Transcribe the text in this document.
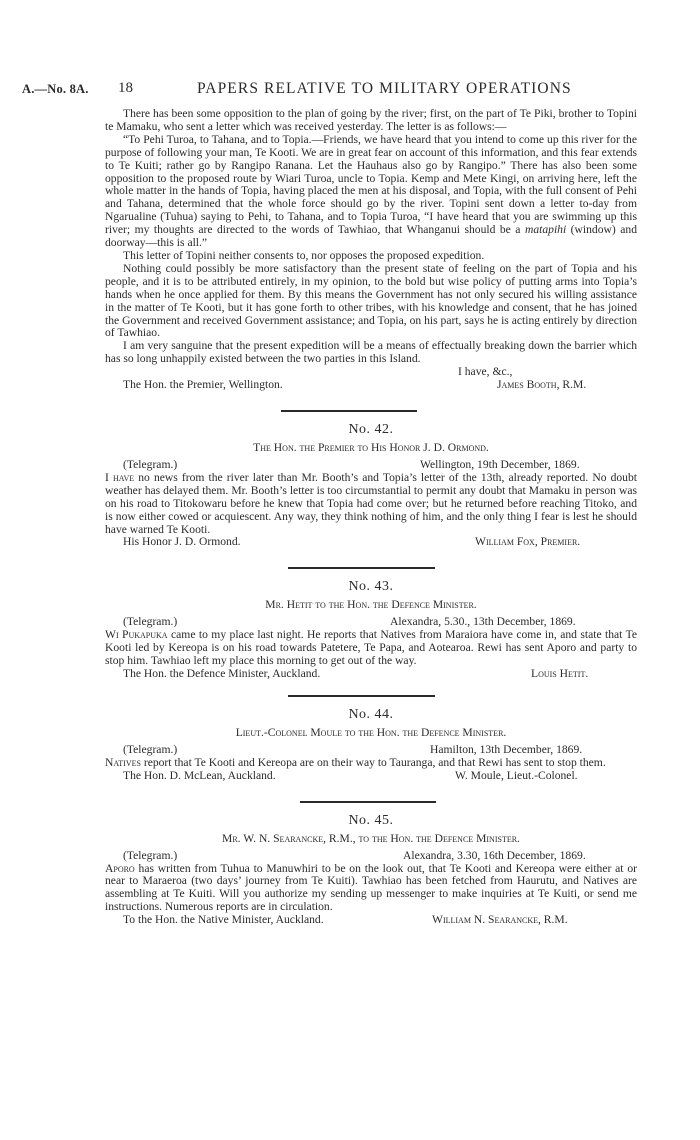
A.—No. 8A. 18	PAPERS RELATIVE TO MILITARY OPERATIONS

There has been some opposition to the plan of going by the river; first, on the part of Te Piki, brother to Topini te Mamaku, who sent a letter which was received yesterday. The letter is as follows:—

“To Pehi Turoa, to Tahana, and to Topia.—Friends, we have heard that you intend to come up this river for the purpose of following your man, Te Kooti. We are in great fear on account of this information, and this fear extends to Te Kuiti; rather go by Rangipo Ranana. Let the Hauhaus also go by Rangipo.” There has also been some opposition to the proposed route by Wiari Turoa, uncle to Topia. Kemp and Mete Kingi, on arriving here, left the whole matter in the hands of Topia, having placed the men at his disposal, and Topia, with the full consent of Pehi and Tahana, determined that the whole force should go by the river. Topini sent down a letter to-day from Ngarualine (Tuhua) saying to Pehi, to Tahana, and to Topia Turoa, “I have heard that you are swimming up this river; my thoughts are directed to the words of Tawhiao, that Whanganui should be a matapihi (window) and doorway—this is all.”

This letter of Topini neither consents to, nor opposes the proposed expedition.

Nothing could possibly be more satisfactory than the present state of feeling on the part of Topia and his people, and it is to be attributed entirely, in my opinion, to the bold but wise policy of putting arms into Topia’s hands when he once applied for them. By this means the Government has not only secured his willing assistance in the matter of Te Kooti, but it has gone forth to other tribes, with his knowledge and consent, that he has joined the Government and received Government assistance; and Topia, on his part, says he is acting entirely by direction of Tawhiao.

I am very sanguine that the present expedition will be a means of effectually breaking down the barrier which has so long unhappily existed between the two parties in this Island.

I have, &c.,
The Hon. the Premier, Wellington.	James Booth, R.M.
No. 42.
The Hon. the Premier to His Honor J. D. Ormond.
(Telegram.)	Wellington, 19th December, 1869.

I have no news from the river later than Mr. Booth’s and Topia’s letter of the 13th, already reported. No doubt weather has delayed them. Mr. Booth’s letter is too circumstantial to permit any doubt that Mamaku in person was on his road to Titokowaru before he knew that Topia had come over; but he returned before reaching Titoko, and is now either cowed or acquiescent. Any way, they think nothing of him, and the only thing I fear is lest he should have warned Te Kooti.

His Honor J. D. Ormond.	William Fox, Premier.
No. 43.
Mr. Hetit to the Hon. the Defence Minister.
(Telegram.)	Alexandra, 5.30., 13th December, 1869.

Wi Pukapuka came to my place last night. He reports that Natives from Maraiora have come in, and state that Te Kooti led by Kereopa is on his road towards Patetere, Te Papa, and Aotearoa. Rewi has sent Aporo and party to stop him. Tawhiao left my place this morning to get out of the way.

The Hon. the Defence Minister, Auckland.	Louis Hetit.
No. 44.
Lieut.-Colonel Moule to the Hon. the Defence Minister.
(Telegram.)	Hamilton, 13th December, 1869.

Natives report that Te Kooti and Kereopa are on their way to Tauranga, and that Rewi has sent to stop them.

The Hon. D. McLean, Auckland.	W. Moule, Lieut.-Colonel.
No. 45.
Mr. W. N. Searancke, R.M., to the Hon. the Defence Minister.
(Telegram.)	Alexandra, 3.30, 16th December, 1869.

Aporo has written from Tuhua to Manuwhiri to be on the look out, that Te Kooti and Kereopa were either at or near to Maraeroa (two days’ journey from Te Kuiti). Tawhiao has been fetched from Haurutu, and Natives are assembling at Te Kuiti. Will you authorize my sending up messenger to make inquiries at Te Kuiti, or send me instructions. Numerous reports are in circulation.

To the Hon. the Native Minister, Auckland.	William N. Searancke, R.M.
